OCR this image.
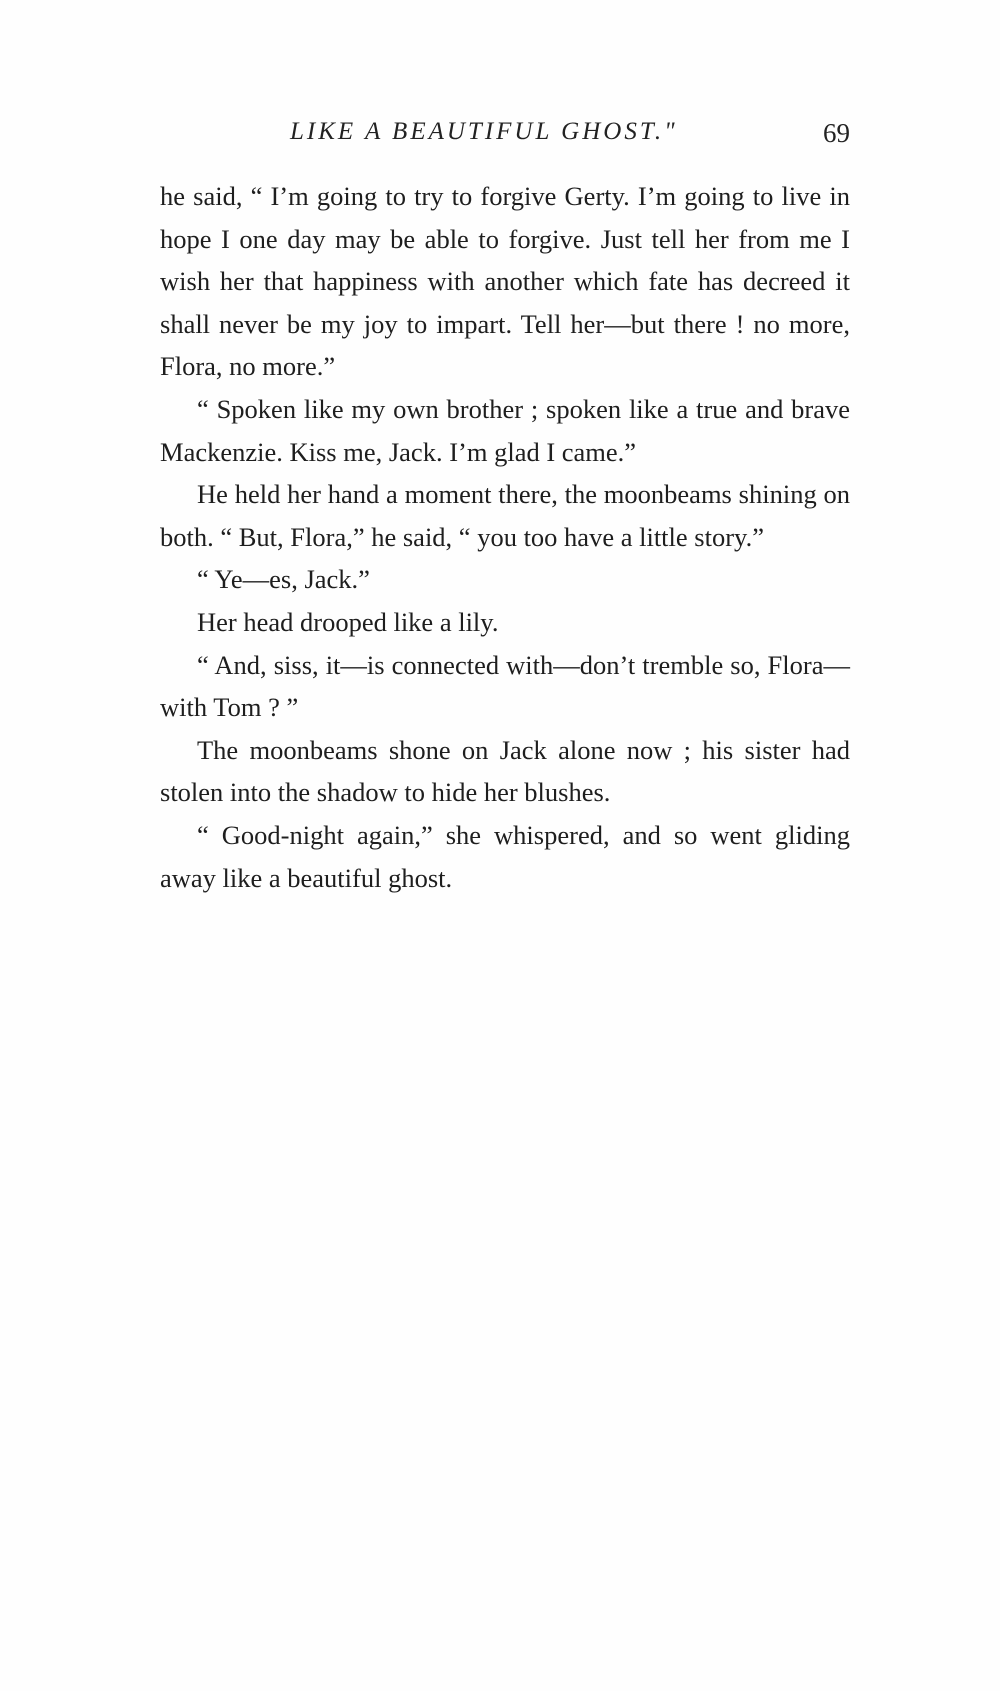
LIKE A BEAUTIFUL GHOST."	69

he said, “ I’m going to try to forgive Gerty. I’m going to live in hope I one day may be able to forgive. Just tell her from me I wish her that happiness with another which fate has decreed it shall never be my joy to impart. Tell her—but there ! no more, Flora, no more.”

“ Spoken like my own brother ; spoken like a true and brave Mackenzie. Kiss me, Jack. I’m glad I came.”

He held her hand a moment there, the moonbeams shining on both. “ But, Flora,” he said, “ you too have a little story.”

“ Ye—es, Jack.”

Her head drooped like a lily.

“ And, siss, it—is connected with—don’t tremble so, Flora—with Tom ? ”

The moonbeams shone on Jack alone now ; his sister had stolen into the shadow to hide her blushes.

“ Good-night again,” she whispered, and so went gliding away like a beautiful ghost.
